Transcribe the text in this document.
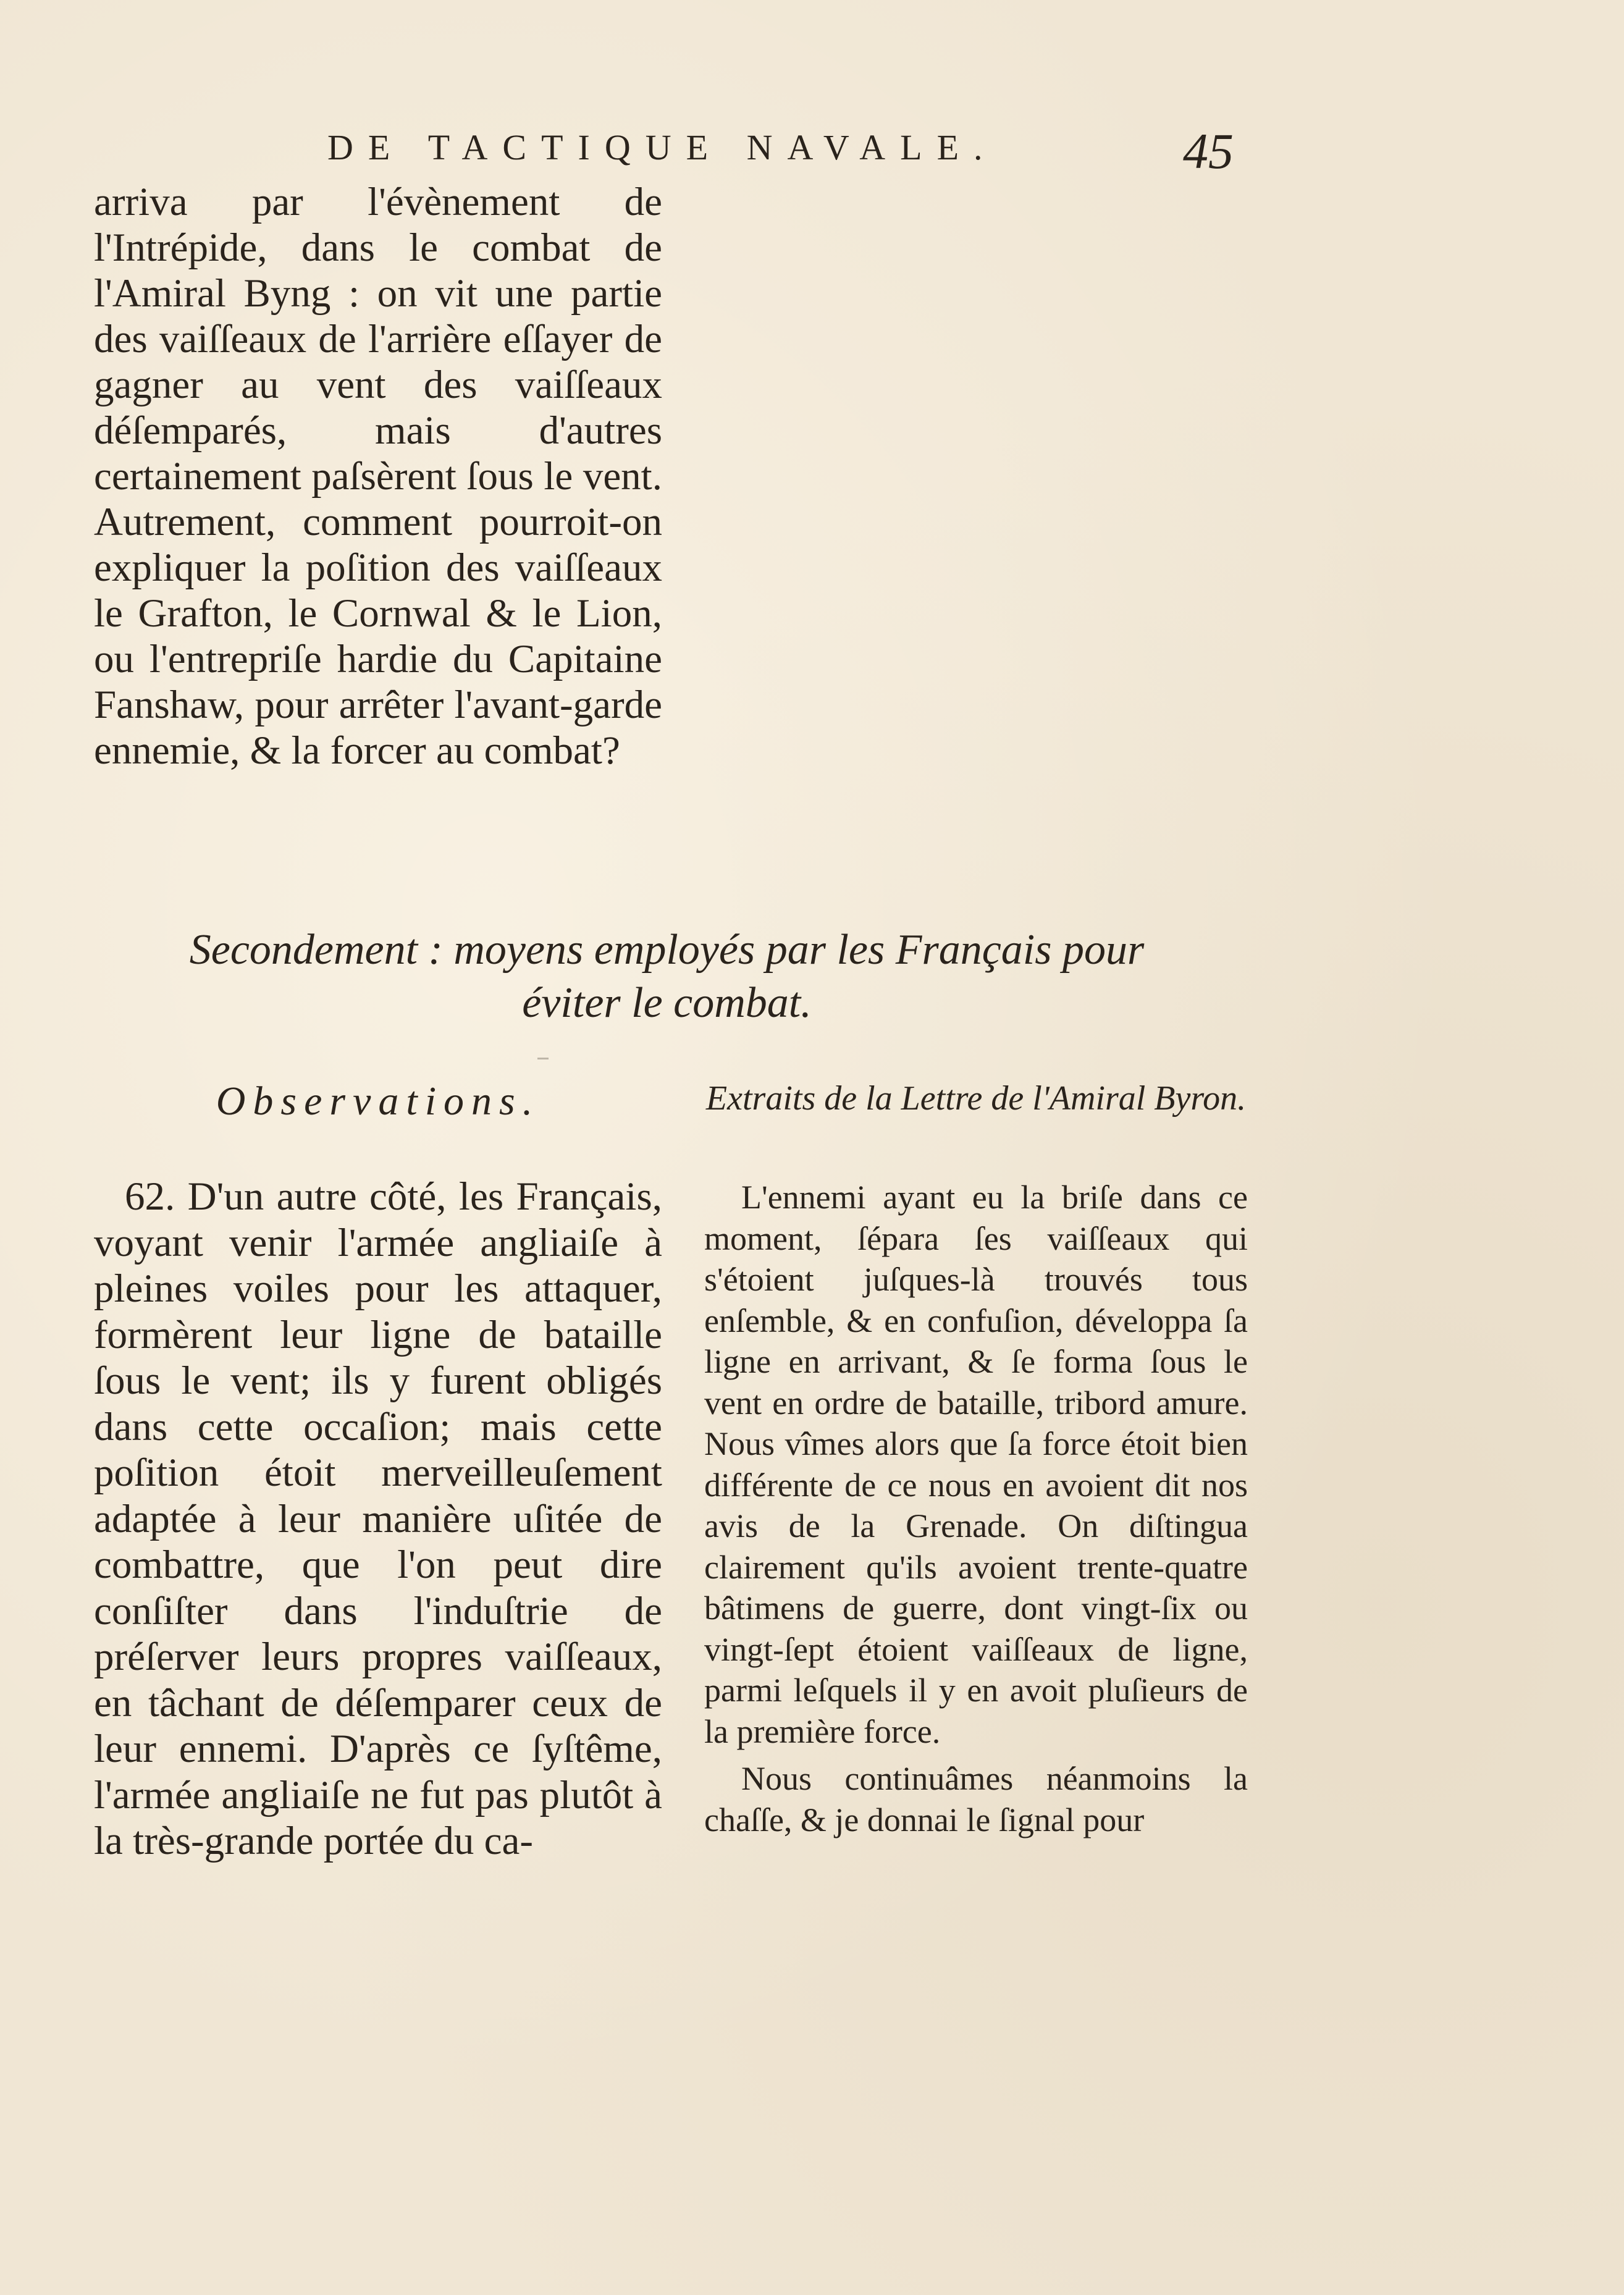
DE TACTIQUE NAVALE.	45

arriva par l'évènement de l'Intrépide, dans le combat de l'Amiral Byng : on vit une partie des vaiſſeaux de l'arrière eſſayer de gagner au vent des vaiſſeaux déſemparés, mais d'autres certainement paſsèrent ſous le vent. Autrement, comment pourroit-on expliquer la poſition des vaiſſeaux le Grafton, le Cornwal & le Lion, ou l'entrepriſe hardie du Capitaine Fanshaw, pour arrêter l'avant-garde ennemie, & la forcer au combat?

Secondement : moyens employés par les Français pour
éviter le combat.
Observations.	Extraits de la Lettre de l'Amiral Byron.

62. D'un autre côté, les Français, voyant venir l'armée angliaiſe à pleines voiles pour les attaquer, formèrent leur ligne de bataille ſous le vent; ils y furent obligés dans cette occaſion; mais cette poſition étoit merveilleuſement adaptée à leur manière uſitée de combattre, que l'on peut dire conſiſter dans l'induſtrie de préſerver leurs propres vaiſſeaux, en tâchant de déſemparer ceux de leur ennemi. D'après ce ſyſtême, l'armée angliaiſe ne fut pas plutôt à la très-grande portée du ca-

L'ennemi ayant eu la briſe dans ce moment, ſépara ſes vaiſſeaux qui s'étoient juſques-là trouvés tous enſemble, & en confuſion, développa ſa ligne en arrivant, & ſe forma ſous le vent en ordre de bataille, tribord amure. Nous vîmes alors que ſa force étoit bien différente de ce nous en avoient dit nos avis de la Grenade. On diſtingua clairement qu'ils avoient trente-quatre bâtimens de guerre, dont vingt-ſix ou vingt-ſept étoient vaiſſeaux de ligne, parmi leſquels il y en avoit pluſieurs de la première force.

Nous continuâmes néanmoins la chaſſe, & je donnai le ſignal pour
